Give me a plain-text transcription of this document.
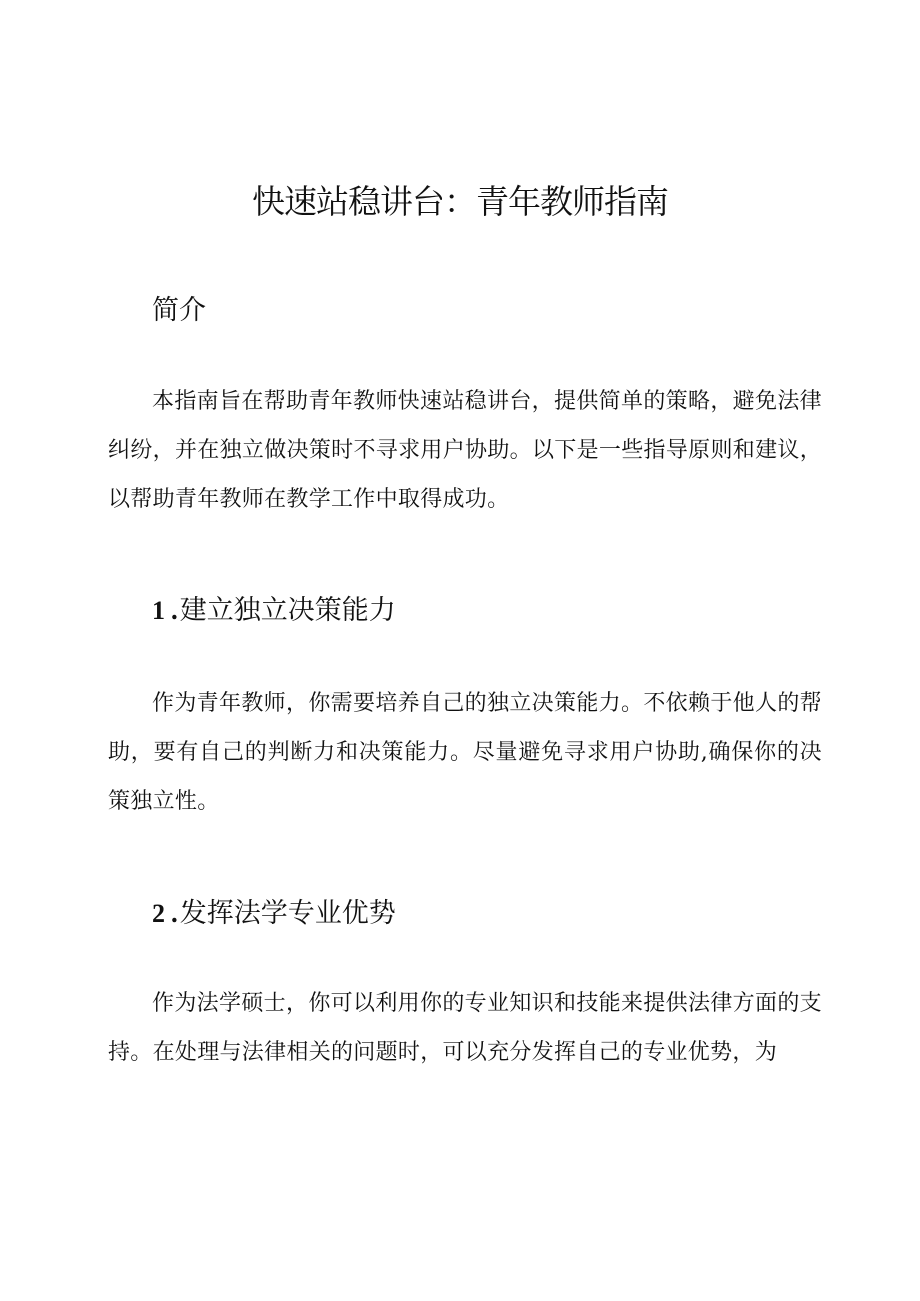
快速站稳讲台：青年教师指南
简介

本指南旨在帮助青年教师快速站稳讲台，提供简单的策略，避免法律纠纷，并在独立做决策时不寻求用户协助。以下是一些指导原则和建议，以帮助青年教师在教学工作中取得成功。

1 .建立独立决策能力

作为青年教师，你需要培养自己的独立决策能力。不依赖于他人的帮助，要有自己的判断力和决策能力。尽量避免寻求用户协助,确保你的决策独立性。

2 .发挥法学专业优势

作为法学硕士，你可以利用你的专业知识和技能来提供法律方面的支持。在处理与法律相关的问题时，可以充分发挥自己的专业优势，为
